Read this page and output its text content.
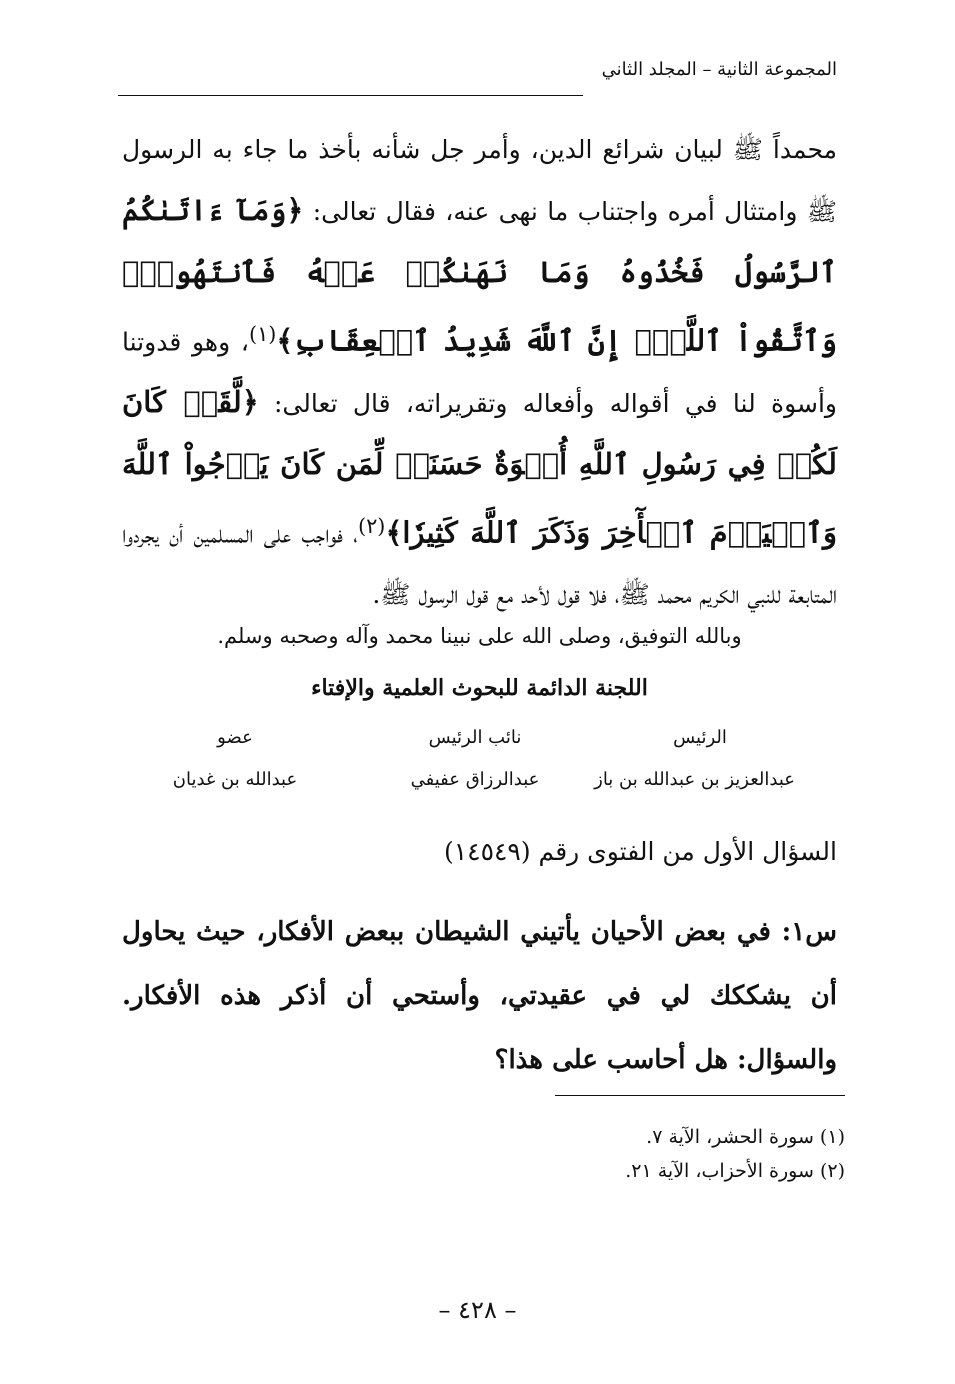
المجموعة الثانية – المجلد الثاني

محمداً ﷺ لبيان شرائع الدين، وأمر جل شأنه بأخذ ما جاء به الرسول ﷺ وامتثال أمره واجتناب ما نهى عنه، فقال تعالى: ﴿وَمَآ ءَاتَىٰكُمُ ٱلرَّسُولُ فَخُذُوهُ وَمَا نَهَىٰكُمۡ عَنۡهُ فَٱنتَهُواْۚ وَٱتَّقُواْ ٱللَّهَۖ إِنَّ ٱللَّهَ شَدِيدُ ٱلۡعِقَابِ﴾$^{(١)}$، وهو قدوتنا وأسوة لنا في أقواله وأفعاله وتقريراته، قال تعالى: ﴿لَّقَدۡ كَانَ لَكُمۡ فِي رَسُولِ ٱللَّهِ أُسۡوَةٌ حَسَنَةٞ لِّمَن كَانَ يَرۡجُواْ ٱللَّهَ وَٱلۡيَوۡمَ ٱلۡأٓخِرَ وَذَكَرَ ٱللَّهَ كَثِيرٗا﴾$^{(٢)}$، فواجب على المسلمين أن يجردوا المتابعة للنبي الكريم محمد ﷺ، فلا قول لأحد مع قول الرسول ﷺ.

وبالله التوفيق، وصلى الله على نبينا محمد وآله وصحبه وسلم.
اللجنة الدائمة للبحوث العلمية والإفتاء
الرئيس
عبدالعزيز بن عبدالله بن باز
نائب الرئيس
عبدالرزاق عفيفي
عضو
عبدالله بن غديان
السؤال الأول من الفتوى رقم (١٤٥٤٩)

س١: في بعض الأحيان يأتيني الشيطان ببعض الأفكار، حيث يحاول أن يشككك لي في عقيدتي، وأستحي أن أذكر هذه الأفكار. والسؤال: هل أحاسب على هذا؟

(١) سورة الحشر، الآية ٧.
(٢) سورة الأحزاب، الآية ٢١.
– ٤٢٨ –
